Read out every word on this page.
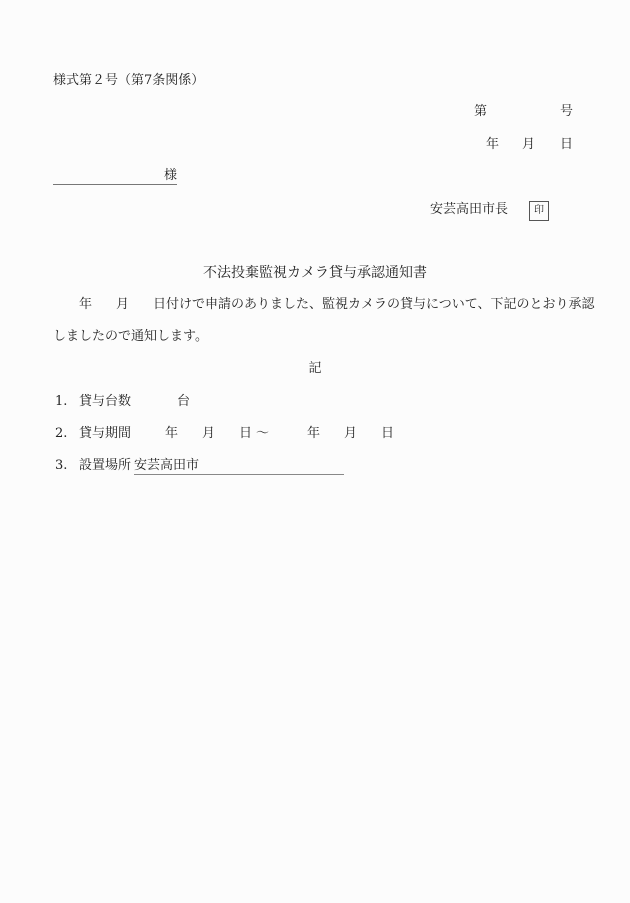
様式第２号（第7条関係）
第	号
年 月 日
様
安芸高田市長	印
不法投棄監視カメラ貸与承認通知書
年 月 日付けで申請のありました、監視カメラの貸与について、下記のとおり承認
しましたので通知します。
記
1. 貸与台数	台
2. 貸与期間	年 月 日 ～	年 月 日
3. 設置場所 安芸高田市
